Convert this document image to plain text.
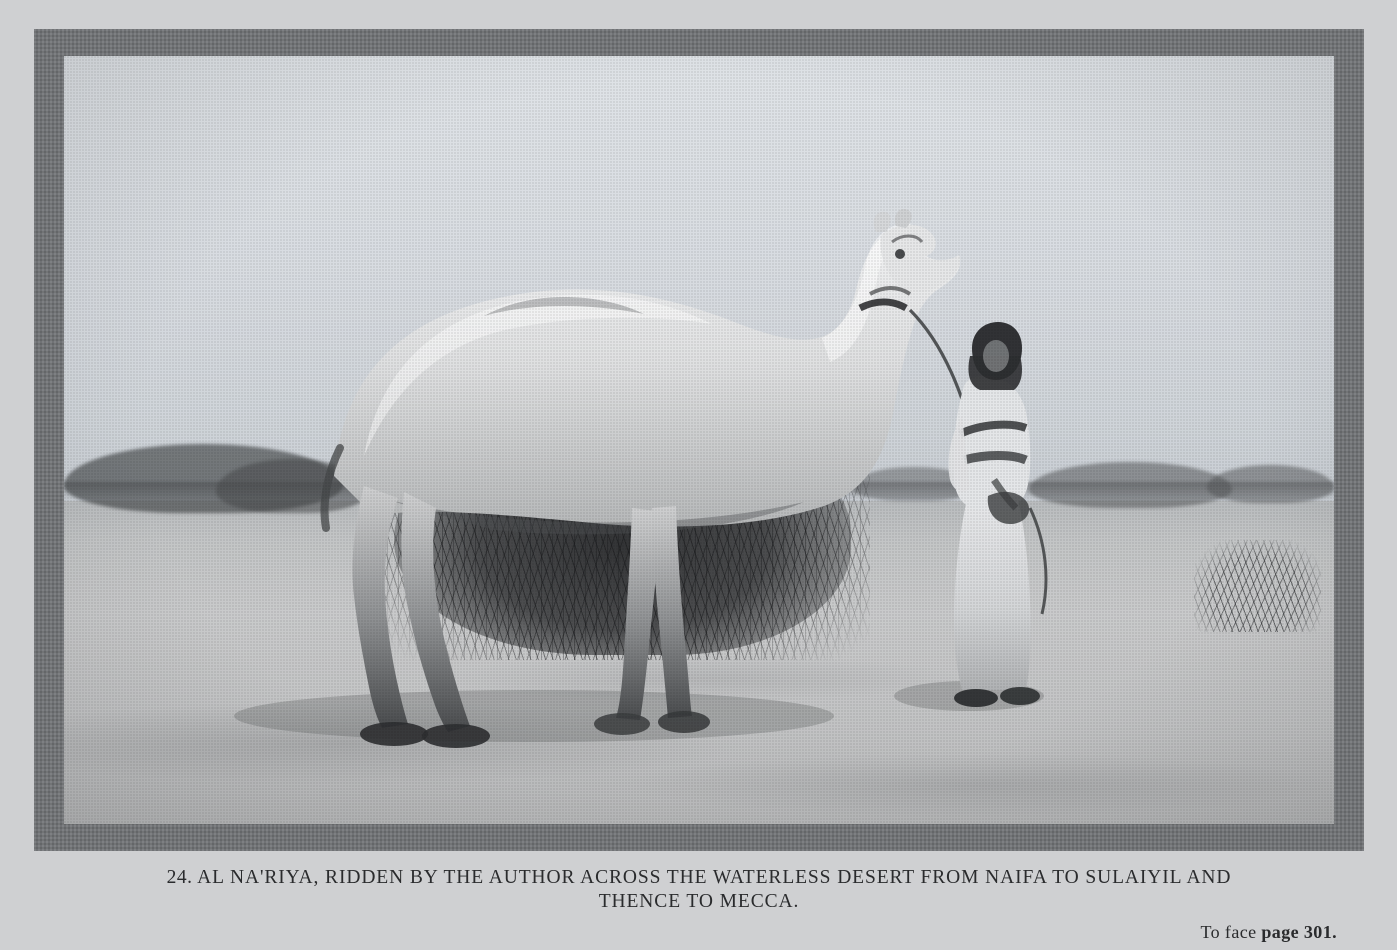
24. AL NA'RIYA, RIDDEN BY THE AUTHOR ACROSS THE WATERLESS DESERT FROM NAIFA TO SULAIYIL AND
THENCE TO MECCA.
To face page 301.
